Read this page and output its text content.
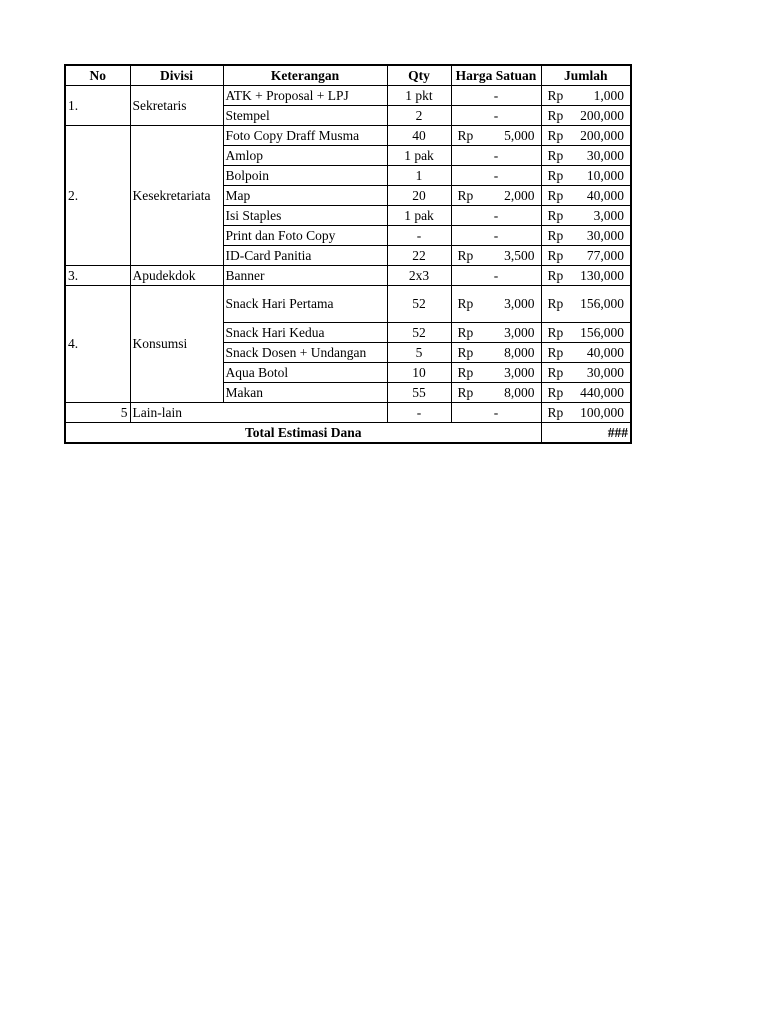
No	Divisi	Keterangan	Qty	Harga Satuan	Jumlah
1.	Sekretaris	ATK + Proposal + LPJ	1 pkt	-	Rp 1,000

		Stempel	2	-	Rp 200,000

2.	Kesekretariata	Foto Copy Draff Musma	40	Rp 5,000	Rp 200,000

		Amlop	1 pak	-	Rp 30,000

		Bolpoin	1	-	Rp 10,000

		Map	20	Rp 2,000	Rp 40,000

		Isi Staples	1 pak	-	Rp 3,000

		Print dan Foto Copy	-	-	Rp 30,000

		ID-Card Panitia	22	Rp 3,500	Rp 77,000

3.	Apudekdok	Banner	2x3	-	Rp 130,000

4.	Konsumsi	Snack Hari Pertama	52	Rp 3,000	Rp 156,000

		Snack Hari Kedua	52	Rp 3,000	Rp 156,000

		Snack Dosen + Undangan	5	Rp 8,000	Rp 40,000

		Aqua Botol	10	Rp 3,000	Rp 30,000

		Makan	55	Rp 8,000	Rp 440,000

5	Lain-lain		-	-	Rp 100,000

Total Estimasi Dana					###
